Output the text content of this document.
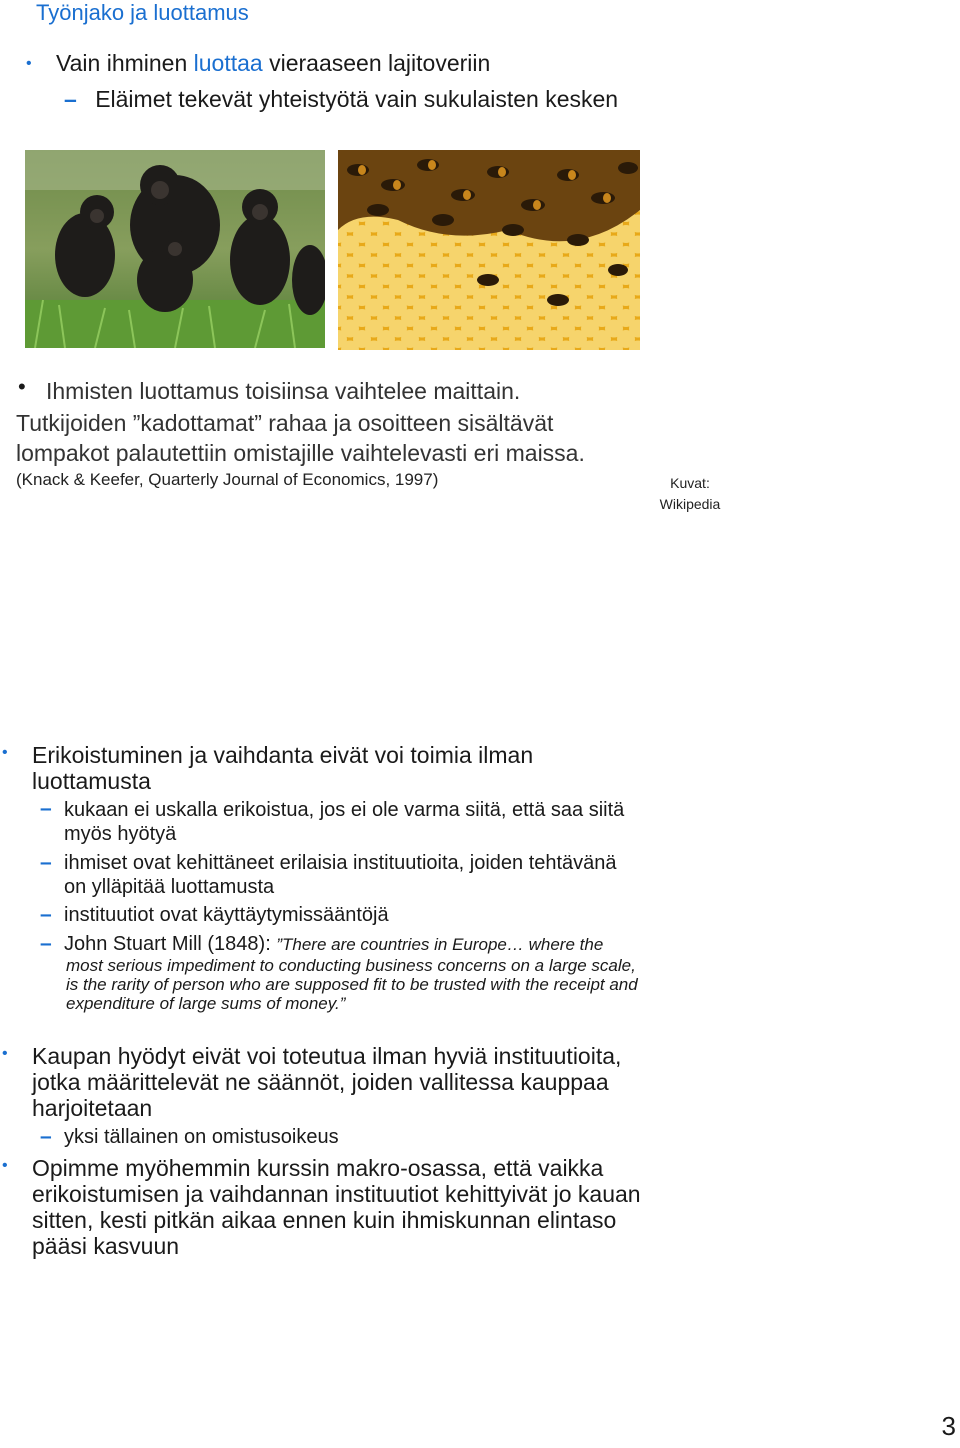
Työnjako ja luottamus
• Vain ihminen luottaa vieraaseen lajitoveriin
– Eläimet tekevät yhteistyötä vain sukulaisten kesken
• Ihmisten luottamus toisiinsa vaihtelee maittain.
Tutkijoiden ”kadottamat” rahaa ja osoitteen sisältävät
lompakot palautettiin omistajille vaihtelevasti eri maissa.
(Knack & Keefer, Quarterly Journal of Economics, 1997)	Kuvat:
Wikipedia
• Erikoistuminen ja vaihdanta eivät voi toimia ilman
luottamusta
– kukaan ei uskalla erikoistua, jos ei ole varma siitä, että saa siitä
myös hyötyä
– ihmiset ovat kehittäneet erilaisia instituutioita, joiden tehtävänä
on ylläpitää luottamusta
– instituutiot ovat käyttäytymissääntöjä
– John Stuart Mill (1848): ”There are countries in Europe… where the
most serious impediment to conducting business concerns on a large scale,
is the rarity of person who are supposed fit to be trusted with the receipt and
expenditure of large sums of money.”
• Kaupan hyödyt eivät voi toteutua ilman hyviä instituutioita,
jotka määrittelevät ne säännöt, joiden vallitessa kauppaa
harjoitetaan
– yksi tällainen on omistusoikeus
• Opimme myöhemmin kurssin makro-osassa, että vaikka
erikoistumisen ja vaihdannan instituutiot kehittyivät jo kauan
sitten, kesti pitkän aikaa ennen kuin ihmiskunnan elintaso
pääsi kasvuun
3
